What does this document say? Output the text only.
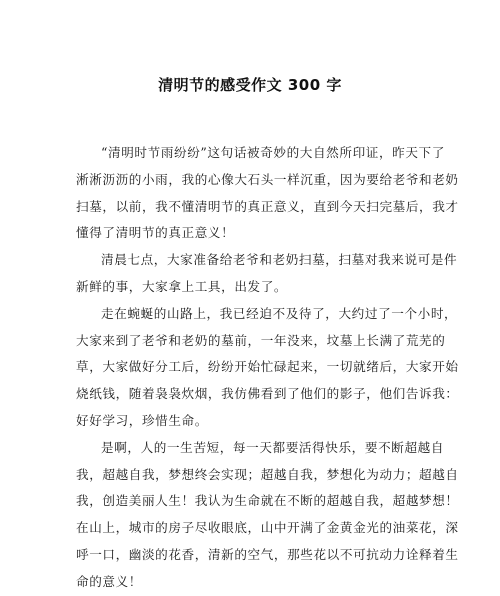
清明节的感受作文 300 字
“清明时节雨纷纷”这句话被奇妙的大自然所印证，昨天下了
淅淅沥沥的小雨，我的心像大石头一样沉重，因为要给老爷和老奶
扫墓，以前，我不懂清明节的真正意义，直到今天扫完墓后，我才
懂得了清明节的真正意义！
清晨七点，大家准备给老爷和老奶扫墓，扫墓对我来说可是件
新鲜的事，大家拿上工具，出发了。
走在蜿蜒的山路上，我已经迫不及待了，大约过了一个小时，
大家来到了老爷和老奶的墓前，一年没来，坟墓上长满了荒芜的
草，大家做好分工后，纷纷开始忙碌起来，一切就绪后，大家开始
烧纸钱，随着袅袅炊烟，我仿佛看到了他们的影子，他们告诉我：
好好学习，珍惜生命。
是啊，人的一生苦短，每一天都要活得快乐，要不断超越自
我，超越自我，梦想终会实现；超越自我，梦想化为动力；超越自
我，创造美丽人生！我认为生命就在不断的超越自我，超越梦想！
在山上，城市的房子尽收眼底，山中开满了金黄金光的油菜花，深
呼一口，幽淡的花香，清新的空气，那些花以不可抗动力诠释着生
命的意义！
